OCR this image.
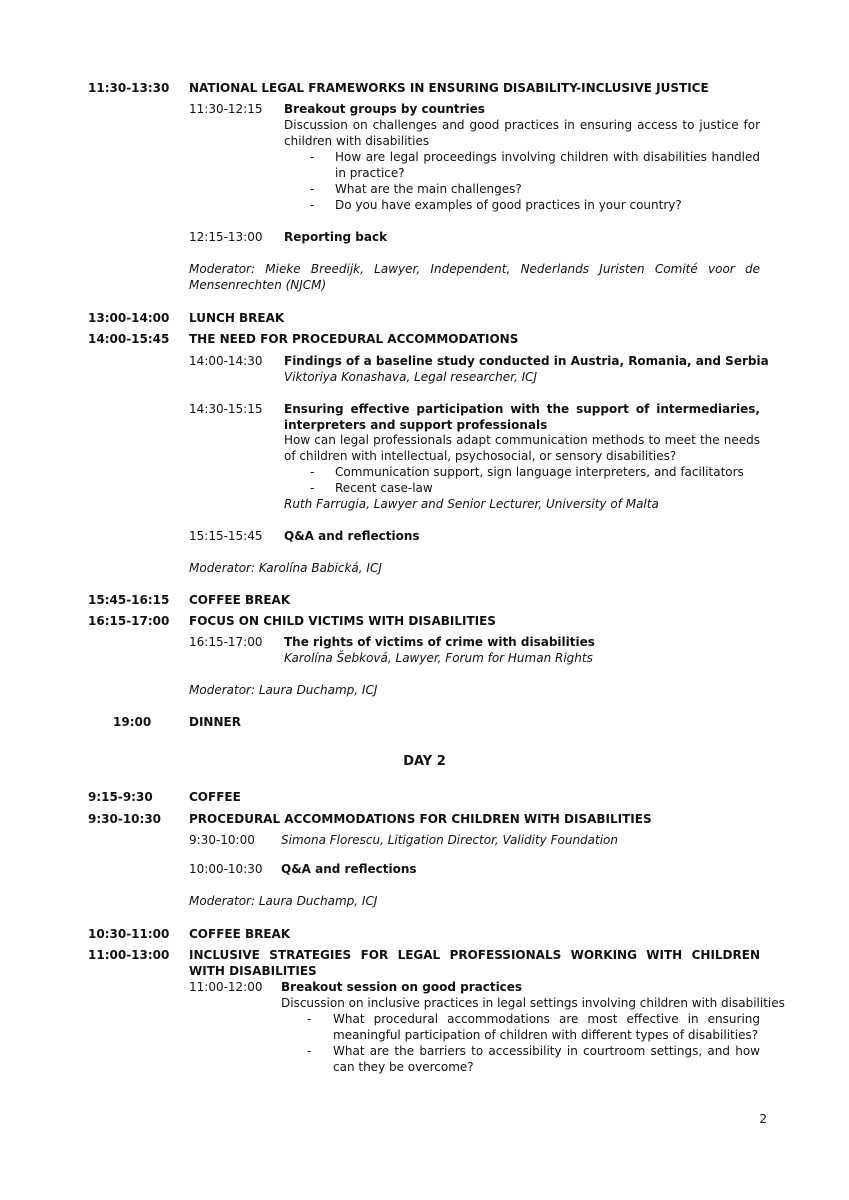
11:30-13:30 NATIONAL LEGAL FRAMEWORKS IN ENSURING DISABILITY-INCLUSIVE JUSTICE
11:30-12:15 Breakout groups by countries
Discussion on challenges and good practices in ensuring access to justice for children with disabilities
- How are legal proceedings involving children with disabilities handled in practice?
- What are the main challenges?
- Do you have examples of good practices in your country?
12:15-13:00 Reporting back
Moderator: Mieke Breedijk, Lawyer, Independent, Nederlands Juristen Comité voor de Mensenrechten (NJCM)
13:00-14:00 LUNCH BREAK
14:00-15:45 THE NEED FOR PROCEDURAL ACCOMMODATIONS
14:00-14:30 Findings of a baseline study conducted in Austria, Romania, and Serbia
Viktoriya Konashava, Legal researcher, ICJ
14:30-15:15 Ensuring effective participation with the support of intermediaries, interpreters and support professionals
How can legal professionals adapt communication methods to meet the needs of children with intellectual, psychosocial, or sensory disabilities?
- Communication support, sign language interpreters, and facilitators
- Recent case-law
Ruth Farrugia, Lawyer and Senior Lecturer, University of Malta
15:15-15:45 Q&A and reflections
Moderator: Karolína Babická, ICJ
15:45-16:15 COFFEE BREAK
16:15-17:00 FOCUS ON CHILD VICTIMS WITH DISABILITIES
16:15-17:00 The rights of victims of crime with disabilities
Karolína Šebková, Lawyer, Forum for Human Rights
Moderator: Laura Duchamp, ICJ
19:00	DINNER
DAY 2
9:15-9:30	COFFEE
9:30-10:30 PROCEDURAL ACCOMMODATIONS FOR CHILDREN WITH DISABILITIES
9:30-10:00 Simona Florescu, Litigation Director, Validity Foundation
10:00-10:30 Q&A and reflections
Moderator: Laura Duchamp, ICJ
10:30-11:00 COFFEE BREAK
11:00-13:00 INCLUSIVE STRATEGIES FOR LEGAL PROFESSIONALS WORKING WITH CHILDREN WITH DISABILITIES
11:00-12:00 Breakout session on good practices
Discussion on inclusive practices in legal settings involving children with disabilities
- What procedural accommodations are most effective in ensuring meaningful participation of children with different types of disabilities?
- What are the barriers to accessibility in courtroom settings, and how can they be overcome?
2
